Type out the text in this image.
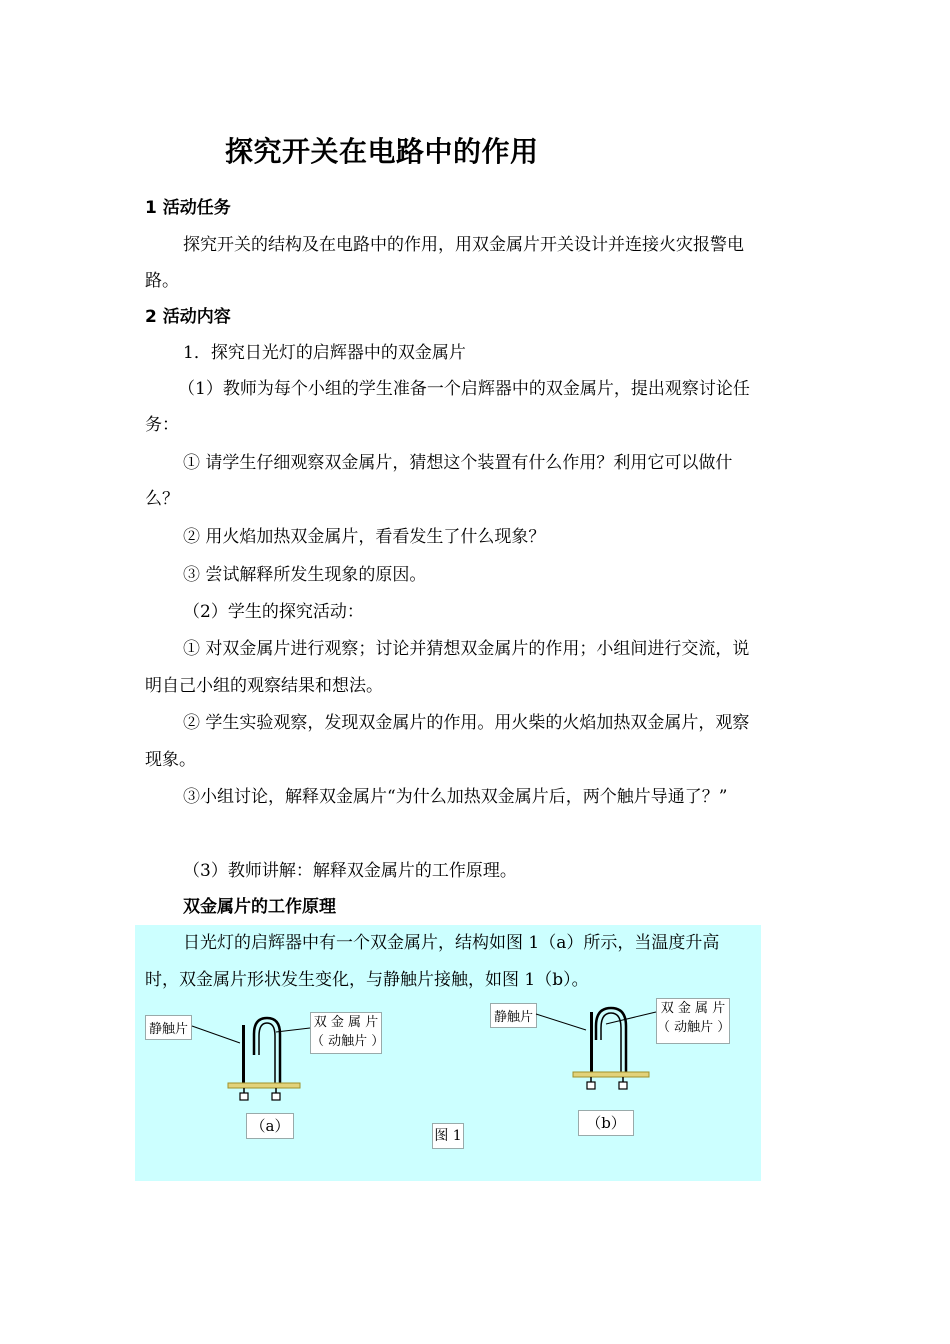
探究开关在电路中的作用
1 活动任务
探究开关的结构及在电路中的作用，用双金属片开关设计并连接火灾报警电
路。
2 活动内容
1．探究日光灯的启辉器中的双金属片
（1）教师为每个小组的学生准备一个启辉器中的双金属片，提出观察讨论任
务：
① 请学生仔细观察双金属片，猜想这个装置有什么作用？利用它可以做什
么？
② 用火焰加热双金属片，看看发生了什么现象？
③ 尝试解释所发生现象的原因。
（2）学生的探究活动：
① 对双金属片进行观察；讨论并猜想双金属片的作用；小组间进行交流，说
明自己小组的观察结果和想法。
② 学生实验观察，发现双金属片的作用。用火柴的火焰加热双金属片，观察
现象。
③小组讨论，解释双金属片“为什么加热双金属片后，两个触片导通了？”
（3）教师讲解：解释双金属片的工作原理。
双金属片的工作原理
日光灯的启辉器中有一个双金属片，结构如图 1（a）所示，当温度升高
时，双金属片形状发生变化，与静触片接触，如图 1（b）。
静触片	双 金 属 片
（ 动触片 ）
（a）
静触片
双 金 属 片
（ 动触片 ）
（b）
图 1
